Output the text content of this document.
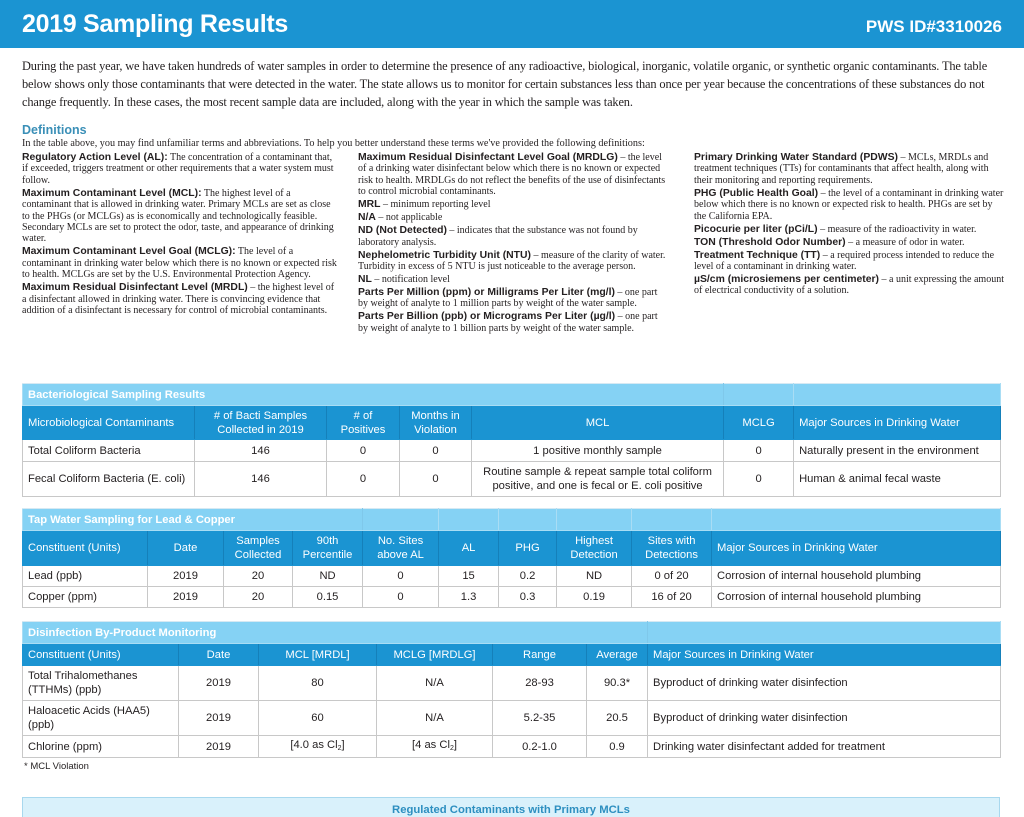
2019 Sampling Results	PWS ID#3310026

During the past year, we have taken hundreds of water samples in order to determine the presence of any radioactive, biological, inorganic, volatile organic, or synthetic organic contaminants. The table below shows only those contaminants that were detected in the water. The state allows us to monitor for certain substances less than once per year because the concentrations of these substances do not change frequently. In these cases, the most recent sample data are included, along with the year in which the sample was taken.

Definitions
In the table above, you may find unfamiliar terms and abbreviations. To help you better understand these terms we've provided the following definitions:

Regulatory Action Level (AL): The concentration of a contaminant that, if exceeded, triggers treatment or other requirements that a water system must follow.

Maximum Contaminant Level (MCL): The highest level of a contaminant that is allowed in drinking water. Primary MCLs are set as close to the PHGs (or MCLGs) as is economically and technologically feasible. Secondary MCLs are set to protect the odor, taste, and appearance of drinking water.

Maximum Contaminant Level Goal (MCLG): The level of a contaminant in drinking water below which there is no known or expected risk to health. MCLGs are set by the U.S. Environmental Protection Agency.

Maximum Residual Disinfectant Level (MRDL) – the highest level of a disinfectant allowed in drinking water. There is convincing evidence that addition of a disinfectant is necessary for control of microbial contaminants.

Maximum Residual Disinfectant Level Goal (MRDLG) – the level of a drinking water disinfectant below which there is no known or expected risk to health. MRDLGs do not reflect the benefits of the use of disinfectants to control microbial contaminants.

MRL – minimum reporting level

N/A – not applicable

ND (Not Detected) – indicates that the substance was not found by laboratory analysis.

Nephelometric Turbidity Unit (NTU) – measure of the clarity of water. Turbidity in excess of 5 NTU is just noticeable to the average person.

NL – notification level

Parts Per Million (ppm) or Milligrams Per Liter (mg/l) – one part by weight of analyte to 1 million parts by weight of the water sample.

Parts Per Billion (ppb) or Micrograms Per Liter (µg/l) – one part by weight of analyte to 1 billion parts by weight of the water sample.

Primary Drinking Water Standard (PDWS) – MCLs, MRDLs and treatment techniques (TTs) for contaminants that affect health, along with their monitoring and reporting requirements.

PHG (Public Health Goal) – the level of a contaminant in drinking water below which there is no known or expected risk to health. PHGs are set by the California EPA.

Picocurie per liter (pCi/L) – measure of the radioactivity in water.

TON (Threshold Odor Number) – a measure of odor in water.

Treatment Technique (TT) – a required process intended to reduce the level of a contaminant in drinking water.

µS/cm (microsiemens per centimeter) – a unit expressing the amount of electrical conductivity of a solution.

Bacteriological Sampling Results						
Microbiological Contaminants	# of Bacti Samples Collected in 2019	# of Positives	Months in Violation	MCL	MCLG	Major Sources in Drinking Water
Total Coliform Bacteria	146	0	0	1 positive monthly sample	0	Naturally present in the environment
Fecal Coliform Bacteria (E. coli)	146	0	0	Routine sample & repeat sample total coliform positive, and one is fecal or E. coli positive	0	Human & animal fecal waste
Tap Water Sampling for Lead & Copper									
Constituent (Units)	Date	Samples Collected	90th Percentile	No. Sites above AL	AL	PHG	Highest Detection	Sites with Detections	Major Sources in Drinking Water
Lead (ppb)	2019	20	ND	0	15	0.2	ND	0 of 20	Corrosion of internal household plumbing
Copper (ppm)	2019	20	0.15	0	1.3	0.3	0.19	16 of 20	Corrosion of internal household plumbing
Disinfection By-Product Monitoring						
Constituent (Units)	Date	MCL [MRDL]	MCLG [MRDLG]	Range	Average	Major Sources in Drinking Water
Total Trihalomethanes (TTHMs) (ppb)	2019	80	N/A	28-93	90.3*	Byproduct of drinking water disinfection
Haloacetic Acids (HAA5) (ppb)	2019	60	N/A	5.2-35	20.5	Byproduct of drinking water disinfection
Chlorine (ppm)	2019	[4.0 as $Cl_2$]	[4 as $Cl_2$]	0.2-1.0	0.9	Drinking water disinfectant added for treatment
* MCL Violation
Regulated Contaminants with Primary MCLs
